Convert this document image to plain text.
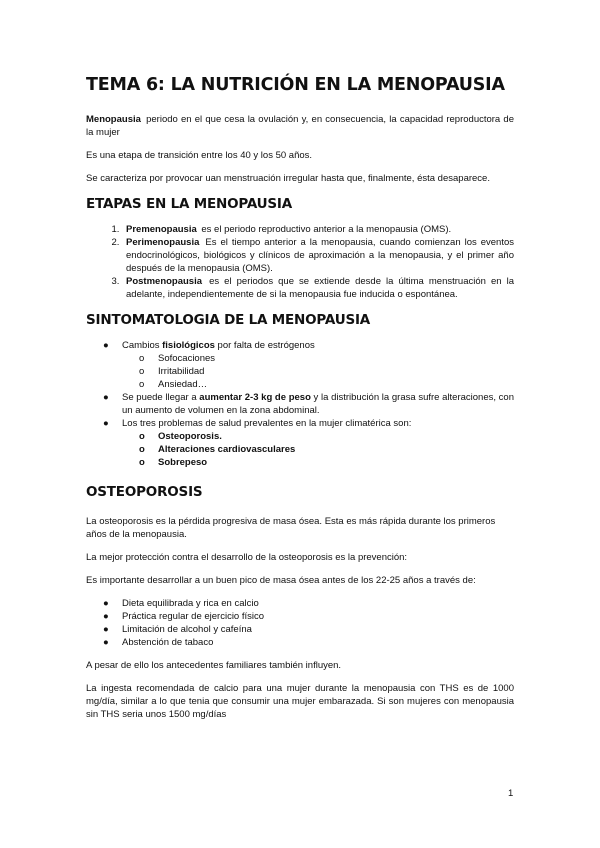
TEMA 6: LA NUTRICIÓN EN LA MENOPAUSIA

Menopausia periodo en el que cesa la ovulación y, en consecuencia, la capacidad reproductora de la mujer

Es una etapa de transición entre los 40 y los 50 años.

Se caracteriza por provocar uan menstruación irregular hasta que, finalmente, ésta desaparece.

ETAPAS EN LA MENOPAUSIA
1. Premenopausia es el periodo reproductivo anterior a la menopausia (OMS).
2. Perimenopausia Es el tiempo anterior a la menopausia, cuando comienzan los eventos endocrinológicos, biológicos y clínicos de aproximación a la menopausia, y el primer año después de la menopausia (OMS).
3. Postmenopausia es el periodos que se extiende desde la última menstruación en la adelante, independientemente de si la menopausia fue inducida o espontánea.
SINTOMATOLOGIA DE LA MENOPAUSIA
● Cambios fisiológicos por falta de estrógenos
o Sofocaciones
o Irritabilidad
o Ansiedad…
● Se puede llegar a aumentar 2-3 kg de peso y la distribución la grasa sufre alteraciones, con un aumento de volumen en la zona abdominal.
● Los tres problemas de salud prevalentes en la mujer climatérica son:
o Osteoporosis.
o Alteraciones cardiovasculares
o Sobrepeso
OSTEOPOROSIS

La osteoporosis es la pérdida progresiva de masa ósea. Esta es más rápida durante los primeros años de la menopausia.

La mejor protección contra el desarrollo de la osteoporosis es la prevención:

Es importante desarrollar a un buen pico de masa ósea antes de los 22-25 años a través de:

● Dieta equilibrada y rica en calcio
● Práctica regular de ejercicio físico
● Limitación de alcohol y cafeína
● Abstención de tabaco

A pesar de ello los antecedentes familiares también influyen.

La ingesta recomendada de calcio para una mujer durante la menopausia con THS es de 1000 mg/día, similar a lo que tenia que consumir una mujer embarazada. Si son mujeres con menopausia sin THS seria unos 1500 mg/días

1
